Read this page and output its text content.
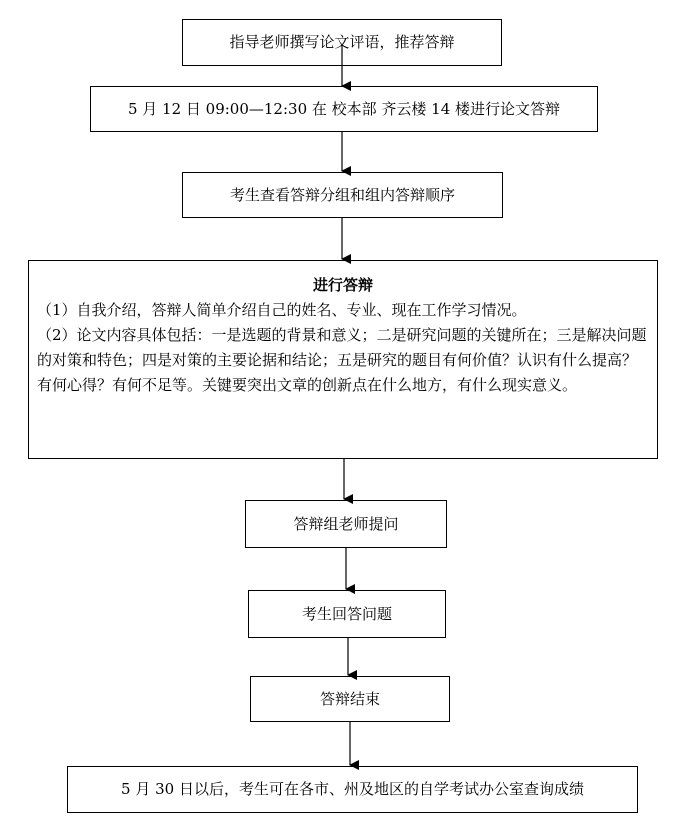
指导老师撰写论文评语，推荐答辩
5 月 12 日 09:00—12:30 在 校本部 齐云楼 14 楼进行论文答辩
考生查看答辩分组和组内答辩顺序
进行答辩

（1）自我介绍，答辩人简单介绍自己的姓名、专业、现在工作学习情况。

（2）论文内容具体包括：一是选题的背景和意义；二是研究问题的关键所在；三是解决问题的对策和特色；四是对策的主要论据和结论；五是研究的题目有何价值？认识有什么提高？有何心得？有何不足等。关键要突出文章的创新点在什么地方，有什么现实意义。

答辩组老师提问
考生回答问题
答辩结束
5 月 30 日以后，考生可在各市、州及地区的自学考试办公室查询成绩
